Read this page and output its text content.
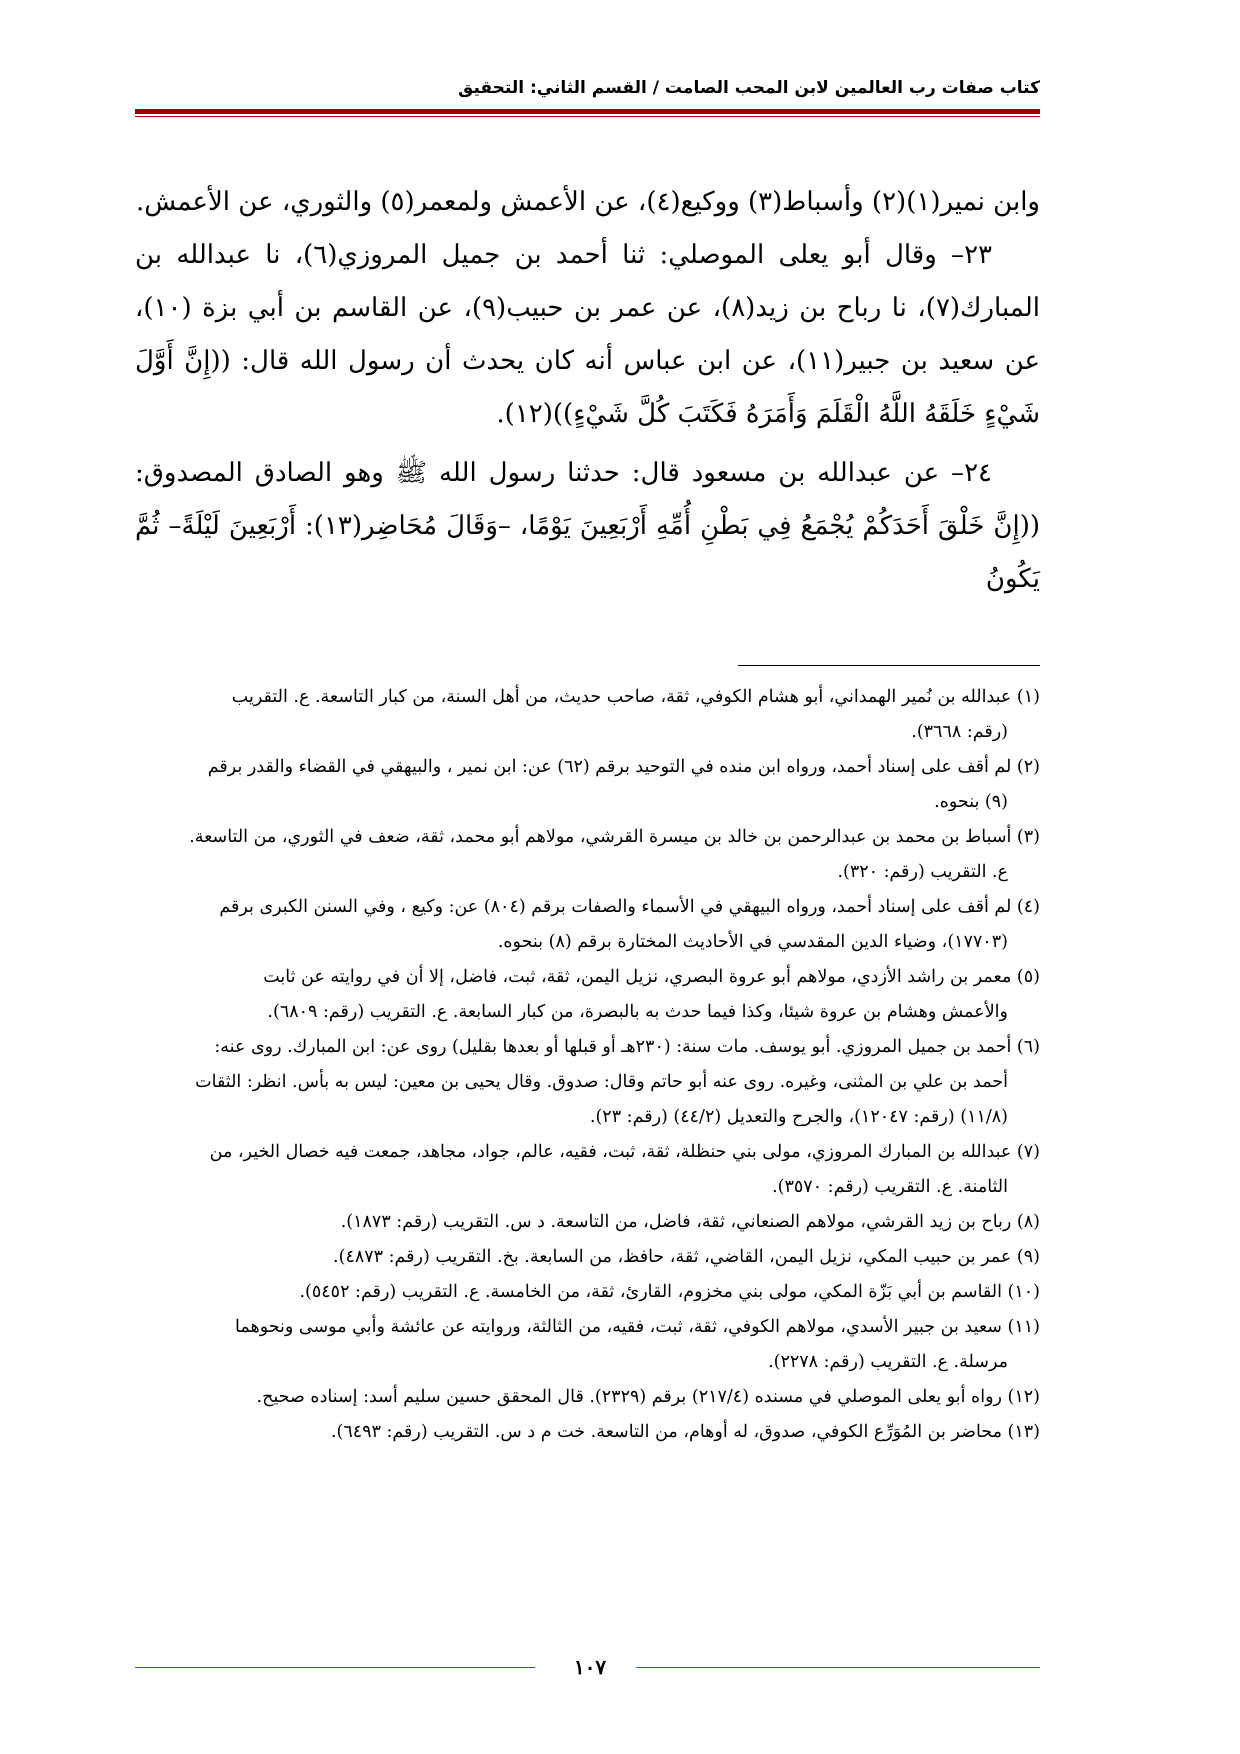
كتاب صفات رب العالمين لابن المحب الصامت / القسم الثاني: التحقيق

وابن نمير(١)(٢) وأسباط(٣) ووكيع(٤)، عن الأعمش ولمعمر(٥) والثوري، عن الأعمش.

٢٣– وقال أبو يعلى الموصلي: ثنا أحمد بن جميل المروزي(٦)، نا عبدالله بن المبارك(٧)، نا رباح بن زيد(٨)، عن عمر بن حبيب(٩)، عن القاسم بن أبي بزة (١٠)، عن سعيد بن جبير(١١)، عن ابن عباس أنه كان يحدث أن رسول الله قال: ((إِنَّ أَوَّلَ شَيْءٍ خَلَقَهُ اللَّهُ الْقَلَمَ وَأَمَرَهُ فَكَتَبَ كُلَّ شَيْءٍ))(١٢).

٢٤– عن عبدالله بن مسعود قال: حدثنا رسول الله ﷺ وهو الصادق المصدوق: ((إِنَّ خَلْقَ أَحَدَكُمْ يُجْمَعُ فِي بَطْنِ أُمِّهِ أَرْبَعِينَ يَوْمًا، –وَقَالَ مُحَاضِر(١٣): أَرْبَعِينَ لَيْلَةً– ثُمَّ يَكُونُ

(١) عبدالله بن نُمير الهمداني، أبو هشام الكوفي، ثقة، صاحب حديث، من أهل السنة، من كبار التاسعة. ع. التقريب
(رقم: ٣٦٦٨).

(٢) لم أقف على إسناد أحمد، ورواه ابن منده في التوحيد برقم (٦٢) عن: ابن نمير ، والبيهقي في القضاء والقدر برقم
(٩) بنحوه.

(٣) أسباط بن محمد بن عبدالرحمن بن خالد بن ميسرة القرشي، مولاهم أبو محمد، ثقة، ضعف في الثوري، من التاسعة.
ع. التقريب (رقم: ٣٢٠).

(٤) لم أقف على إسناد أحمد، ورواه البيهقي في الأسماء والصفات برقم (٨٠٤) عن: وكيع ، وفي السنن الكبرى برقم
(١٧٧٠٣)، وضياء الدين المقدسي في الأحاديث المختارة برقم (٨) بنحوه.

(٥) معمر بن راشد الأزدي، مولاهم أبو عروة البصري، نزيل اليمن، ثقة، ثبت، فاضل، إلا أن في روايته عن ثابت
والأعمش وهشام بن عروة شيئا، وكذا فيما حدث به بالبصرة، من كبار السابعة. ع. التقريب (رقم: ٦٨٠٩).

(٦) أحمد بن جميل المروزي. أبو يوسف. مات سنة: (٢٣٠هـ أو قبلها أو بعدها بقليل) روى عن: ابن المبارك. روى عنه:
أحمد بن علي بن المثنى، وغيره. روى عنه أبو حاتم وقال: صدوق. وقال يحيى بن معين: ليس به بأس. انظر: الثقات
(١١/٨) (رقم: ١٢٠٤٧)، والجرح والتعديل (٤٤/٢) (رقم: ٢٣).

(٧) عبدالله بن المبارك المروزي، مولى بني حنظلة، ثقة، ثبت، فقيه، عالم، جواد، مجاهد، جمعت فيه خصال الخير، من
الثامنة. ع. التقريب (رقم: ٣٥٧٠).

(٨) رباح بن زيد القرشي، مولاهم الصنعاني، ثقة، فاضل، من التاسعة. د س. التقريب (رقم: ١٨٧٣).

(٩) عمر بن حبيب المكي، نزيل اليمن، القاضي، ثقة، حافظ، من السابعة. بخ. التقريب (رقم: ٤٨٧٣).

(١٠) القاسم بن أبي بَزّة المكي، مولى بني مخزوم، القارئ، ثقة، من الخامسة. ع. التقريب (رقم: ٥٤٥٢).

(١١) سعيد بن جبير الأسدي، مولاهم الكوفي، ثقة، ثبت، فقيه، من الثالثة، وروايته عن عائشة وأبي موسى ونحوهما
مرسلة. ع. التقريب (رقم: ٢٢٧٨).

(١٢) رواه أبو يعلى الموصلي في مسنده (٢١٧/٤) برقم (٢٣٢٩). قال المحقق حسين سليم أسد: إسناده صحيح.

(١٣) محاضر بن المُوَرِّع الكوفي، صدوق، له أوهام، من التاسعة. خت م د س. التقريب (رقم: ٦٤٩٣).

١٠٧
